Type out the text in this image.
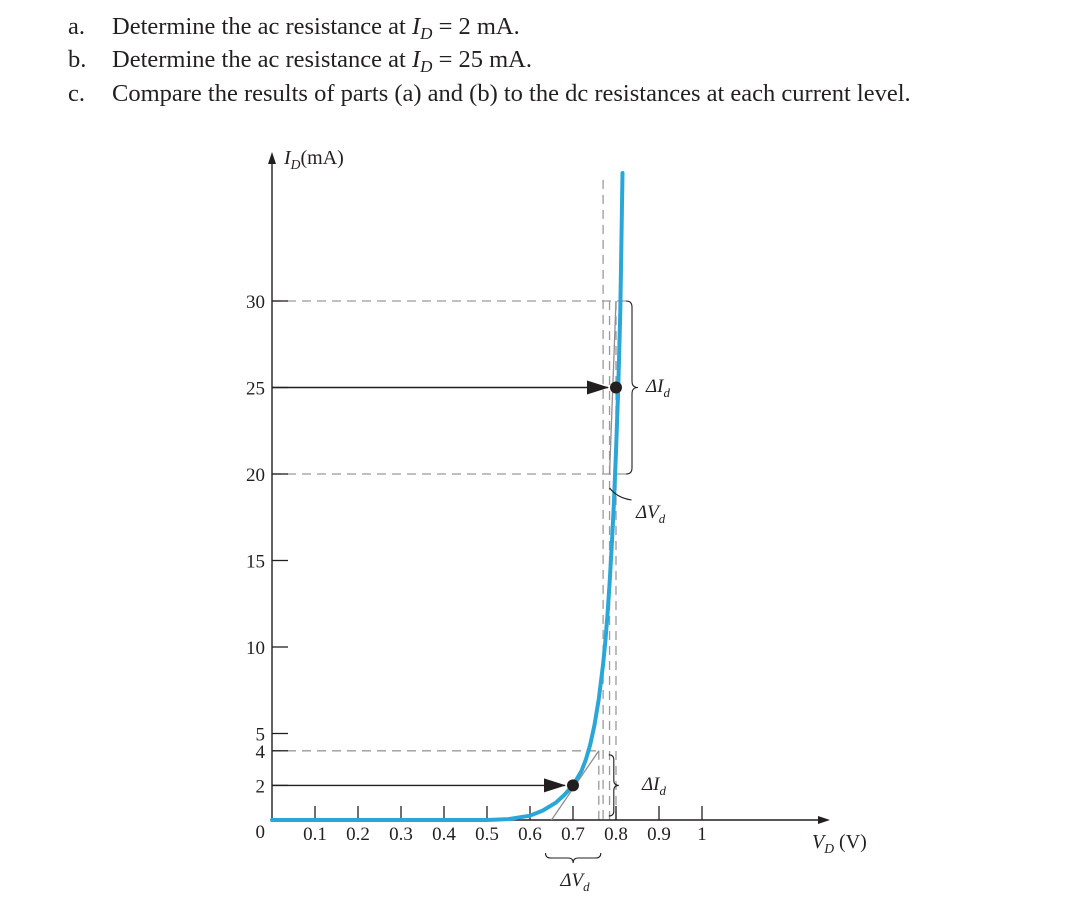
a. Determine the ac resistance at $I_D = 2$ mA.
b. Determine the ac resistance at $I_D = 25$ mA.
c. Compare the results of parts (a) and (b) to the dc resistances at each current level.
$\Delta I_d$
$\Delta V_d$
$\Delta I_d$
$\Delta V_d$
2
4
5
10
15
20
25
30
0 0.1 0.2 0.3 0.4 0.5 0.6 0.7 0.8 0.9 1
$I_D(mA)$
$V_D$ (V)
